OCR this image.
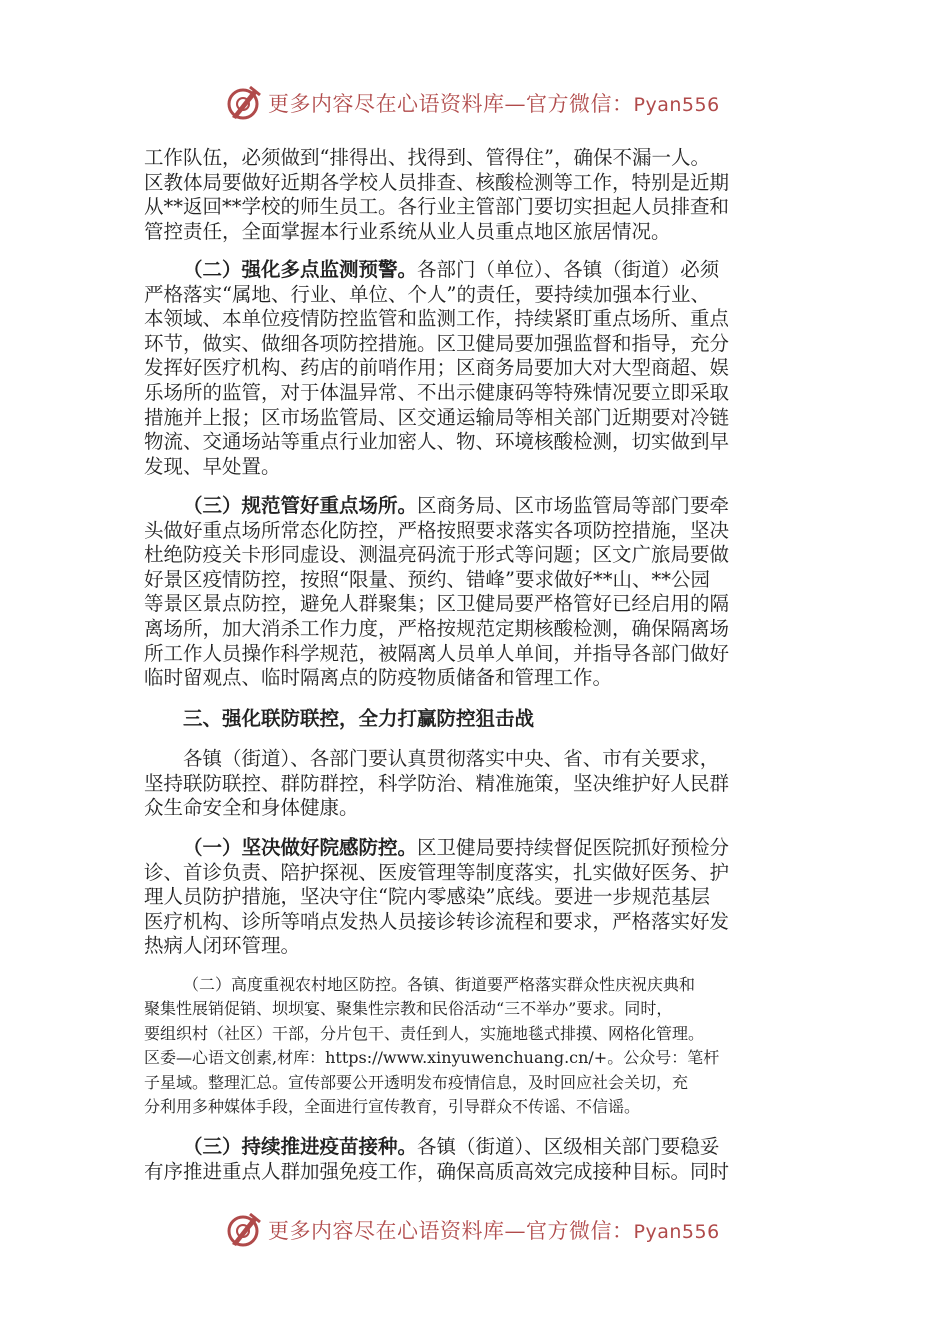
更多内容尽在心语资料库—官方微信：Pyan556
工作队伍，必须做到“排得出、找得到、管得住”，确保不漏一人。
区教体局要做好近期各学校人员排查、核酸检测等工作，特别是近期
从**返回**学校的师生员工。各行业主管部门要切实担起人员排查和
管控责任，全面掌握本行业系统从业人员重点地区旅居情况。
（二）强化多点监测预警。各部门（单位）、各镇（街道）必须
严格落实“属地、行业、单位、个人”的责任，要持续加强本行业、
本领域、本单位疫情防控监管和监测工作，持续紧盯重点场所、重点
环节，做实、做细各项防控措施。区卫健局要加强监督和指导，充分
发挥好医疗机构、药店的前哨作用；区商务局要加大对大型商超、娱
乐场所的监管，对于体温异常、不出示健康码等特殊情况要立即采取
措施并上报；区市场监管局、区交通运输局等相关部门近期要对冷链
物流、交通场站等重点行业加密人、物、环境核酸检测，切实做到早
发现、早处置。
（三）规范管好重点场所。区商务局、区市场监管局等部门要牵
头做好重点场所常态化防控，严格按照要求落实各项防控措施，坚决
杜绝防疫关卡形同虚设、测温亮码流于形式等问题；区文广旅局要做
好景区疫情防控，按照“限量、预约、错峰”要求做好**山、**公园
等景区景点防控，避免人群聚集；区卫健局要严格管好已经启用的隔
离场所，加大消杀工作力度，严格按规范定期核酸检测，确保隔离场
所工作人员操作科学规范，被隔离人员单人单间，并指导各部门做好
临时留观点、临时隔离点的防疫物质储备和管理工作。
三、强化联防联控，全力打赢防控狙击战
各镇（街道）、各部门要认真贯彻落实中央、省、市有关要求，
坚持联防联控、群防群控，科学防治、精准施策，坚决维护好人民群
众生命安全和身体健康。
（一）坚决做好院感防控。区卫健局要持续督促医院抓好预检分
诊、首诊负责、陪护探视、医废管理等制度落实，扎实做好医务、护
理人员防护措施，坚决守住“院内零感染”底线。要进一步规范基层
医疗机构、诊所等哨点发热人员接诊转诊流程和要求，严格落实好发
热病人闭环管理。
（二）高度重视农村地区防控。各镇、街道要严格落实群众性庆祝庆典和
聚集性展销促销、坝坝宴、聚集性宗教和民俗活动“三不举办”要求。同时，
要组织村（社区）干部，分片包干、责任到人，实施地毯式排摸、网格化管理。
区委—心语文创素,材库：https://www.xinyuwenchuang.cn/+。公众号：笔杆
子星域。整理汇总。宣传部要公开透明发布疫情信息，及时回应社会关切，充
分利用多种媒体手段，全面进行宣传教育，引导群众不传谣、不信谣。
（三）持续推进疫苗接种。各镇（街道）、区级相关部门要稳妥
有序推进重点人群加强免疫工作，确保高质高效完成接种目标。同时
更多内容尽在心语资料库—官方微信：Pyan556
